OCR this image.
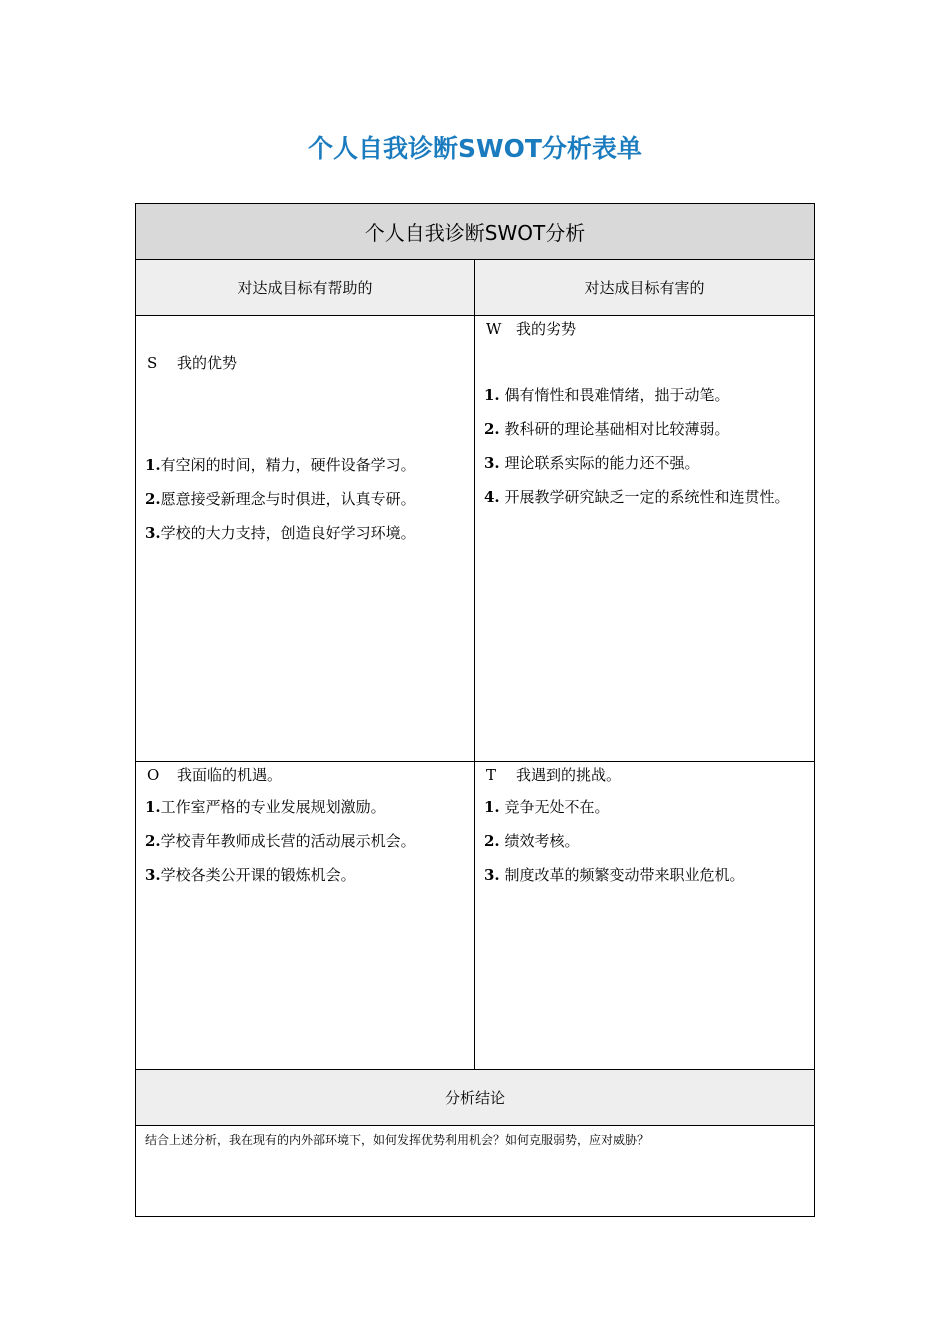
个人自我诊断SWOT分析表单
个人自我诊断SWOT分析
对达成目标有帮助的	对达成目标有害的
S 我的优势
1.有空闲的时间，精力，硬件设备学习。
2.愿意接受新理念与时俱进，认真专研。
3.学校的大力支持，创造良好学习环境。
W 我的劣势
1. 偶有惰性和畏难情绪，拙于动笔。
2. 教科研的理论基础相对比较薄弱。
3. 理论联系实际的能力还不强。
4. 开展教学研究缺乏一定的系统性和连贯性。
O 我面临的机遇。
1.工作室严格的专业发展规划激励。
2.学校青年教师成长营的活动展示机会。
3.学校各类公开课的锻炼机会。
T 我遇到的挑战。
1. 竞争无处不在。
2. 绩效考核。
3. 制度改革的频繁变动带来职业危机。
分析结论
结合上述分析，我在现有的内外部环境下，如何发挥优势利用机会？如何克服弱势，应对威胁？
